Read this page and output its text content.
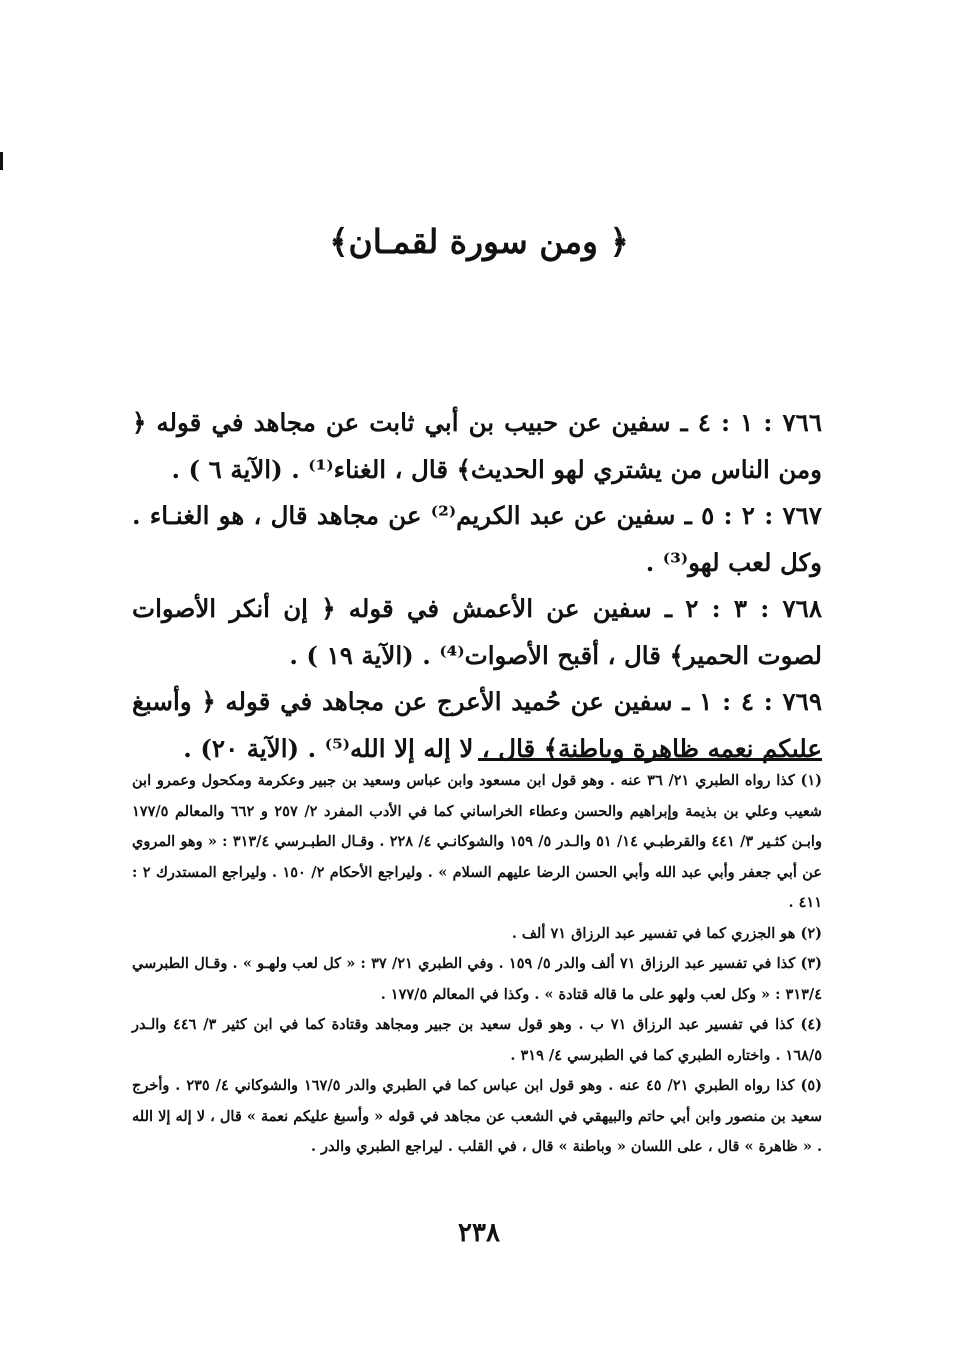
﴿ ومن سورة لقمـان﴾

٧٦٦ : ١ : ٤ ـ سفين عن حبيب بن أبي ثابت عن مجاهد في قوله ﴿ ومن الناس من يشتري لهو الحديث﴾ قال ، الغناء⁽¹⁾ . (الآية ٦ ) .

٧٦٧ : ٢ : ٥ ـ سفين عن عبد الكريم⁽²⁾ عن مجاهد قال ، هو الغنـاء . وكل لعب لهو⁽³⁾ .

٧٦٨ : ٣ : ٢ ـ سفين عن الأعمش في قوله ﴿ إن أنكر الأصوات لصوت الحمير﴾ قال ، أقبح الأصوات⁽⁴⁾ . (الآية ١٩ ) .

٧٦٩ : ٤ : ١ ـ سفين عن حُميد الأعرج عن مجاهد في قوله ﴿ وأسبغ عليكم نعمه ظاهرة وباطنة﴾ قال ، لا إله إلا الله⁽⁵⁾ . (الآية ٢٠) .

(١) كذا رواه الطبري ٢١/ ٣٦ عنه . وهو قول ابن مسعود وابن عباس وسعيد بن جبير وعكرمة ومكحول وعمرو ابن شعيب وعلي بن بذيمة وإبراهيم والحسن وعطاء الخراساني كما في الأدب المفرد ٢/ ٢٥٧ و ٦٦٢ والمعالم ١٧٧/٥ وابـن كثـير ٣/ ٤٤١ والقرطبـي ١٤/ ٥١ والـدر ٥/ ١٥٩ والشوكانـي ٤/ ٢٢٨ . وقـال الطبـرسي ٣١٣/٤ : « وهو المروي عن أبي جعفر وأبي عبد الله وأبي الحسن الرضا عليهم السلام » . وليراجع الأحكام ٢/ ١٥٠ . وليراجع المستدرك ٢ : ٤١١ .

(٢) هو الجزري كما في تفسير عبد الرزاق ٧١ ألف .

(٣) كذا في تفسير عبد الرزاق ٧١ ألف والدر ٥/ ١٥٩ . وفي الطبري ٢١/ ٣٧ : « كل لعب ولهـو » . وقـال الطبرسي ٣١٣/٤ : « وكل لعب ولهو على ما قاله قتادة » . وكذا في المعالم ١٧٧/٥ .

(٤) كذا في تفسير عبد الرزاق ٧١ ب . وهو قول سعيد بن جبير ومجاهد وقتادة كما في ابن كثير ٣/ ٤٤٦ والـدر ١٦٨/٥ . واختاره الطبري كما في الطبرسي ٤/ ٣١٩ .

(٥) كذا رواه الطبري ٢١/ ٤٥ عنه . وهو قول ابن عباس كما في الطبري والدر ١٦٧/٥ والشوكاني ٤/ ٢٣٥ . وأخرج سعيد بن منصور وابن أبي حاتم والبيهقي في الشعب عن مجاهد في قوله « وأسبغ عليكم نعمة » قال ، لا إله إلا الله . « ظاهرة » قال ، على اللسان « وباطنة » قال ، في القلب . ليراجع الطبري والدر .

٢٣٨
